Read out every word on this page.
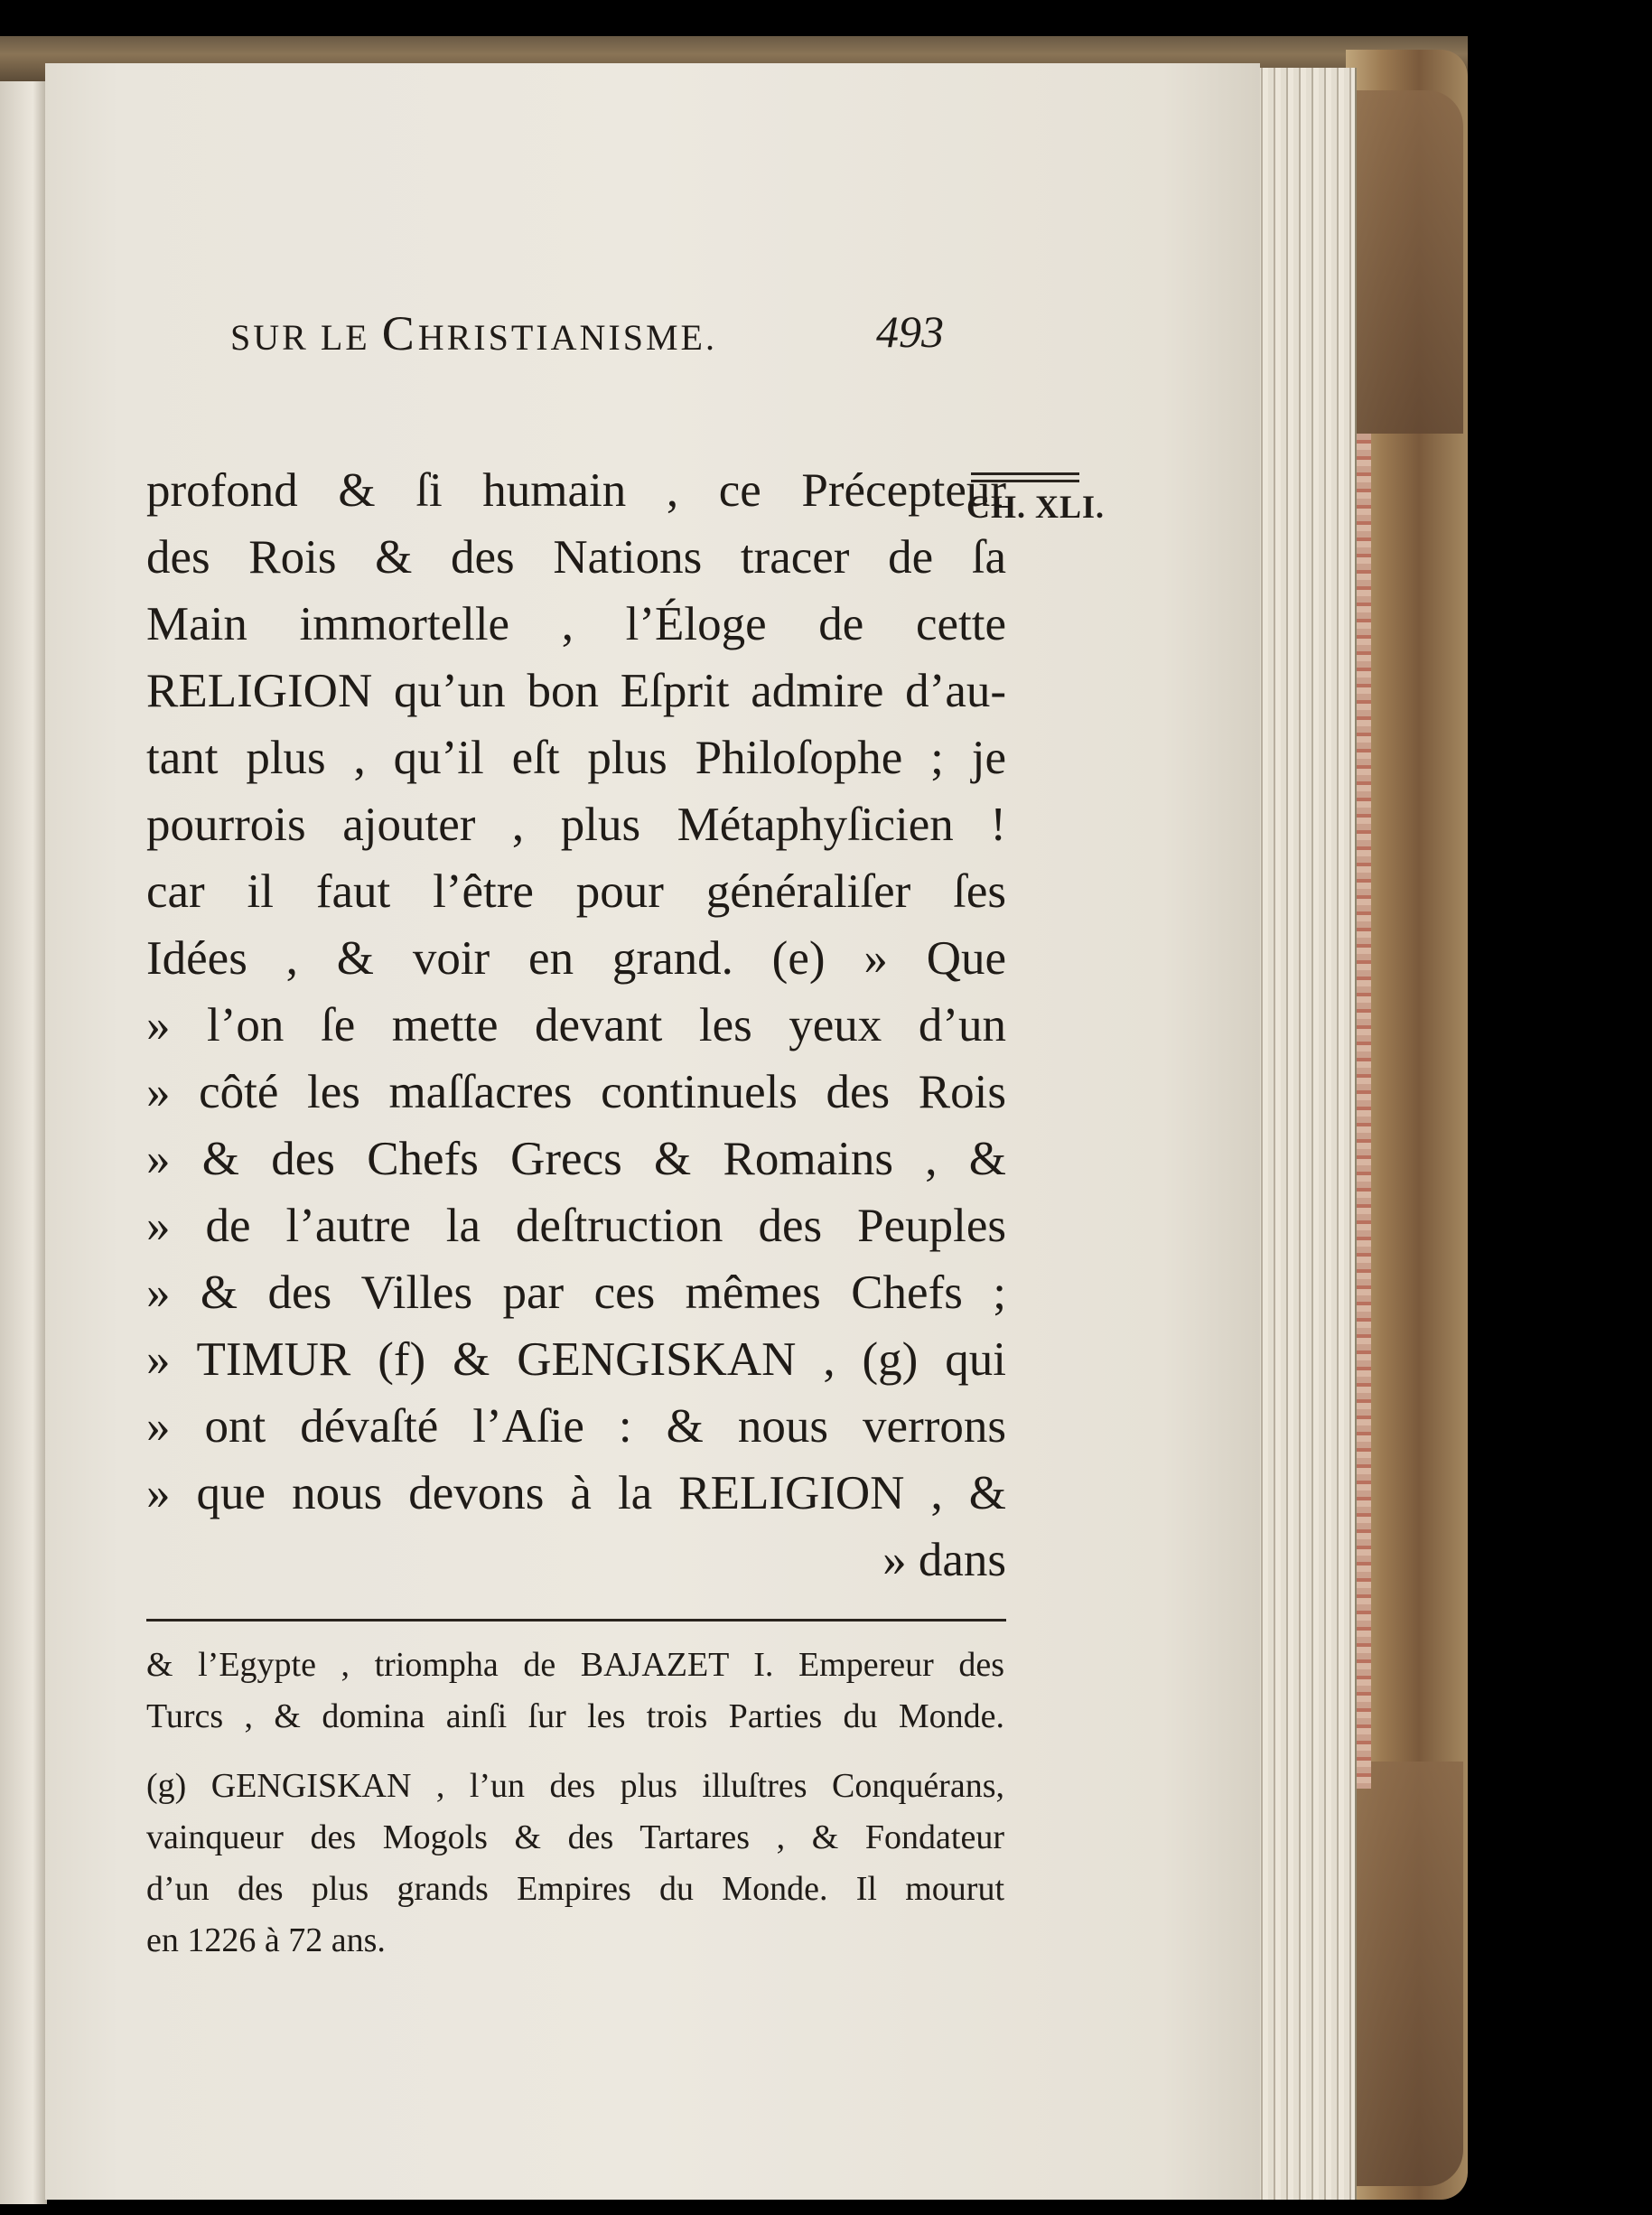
SUR LE CHRISTIANISME.	493
CH. XLI.
profond & ſi humain , ce Précepteur
des Rois & des Nations tracer de ſa
Main immortelle , l’Éloge de cette
RELIGION qu’un bon Eſprit admire d’au-
tant plus , qu’il eſt plus Philoſophe ; je
pourrois ajouter , plus Métaphyſicien !
car il faut l’être pour généraliſer ſes
Idées , & voir en grand. (e) » Que
» l’on ſe mette devant les yeux d’un
» côté les maſſacres continuels des Rois
» & des Chefs Grecs & Romains , &
» de l’autre la deſtruction des Peuples
» & des Villes par ces mêmes Chefs ;
» TIMUR (f) & GENGISKAN , (g) qui
» ont dévaſté l’Aſie : & nous verrons
» que nous devons à la RELIGION , &
» dans
& l’Egypte , triompha de BAJAZET I. Empereur des
Turcs , & domina ainſi ſur les trois Parties du Monde.
(g) GENGISKAN , l’un des plus illuſtres Conquérans,
vainqueur des Mogols & des Tartares , & Fondateur
d’un des plus grands Empires du Monde. Il mourut
en 1226 à 72 ans.
